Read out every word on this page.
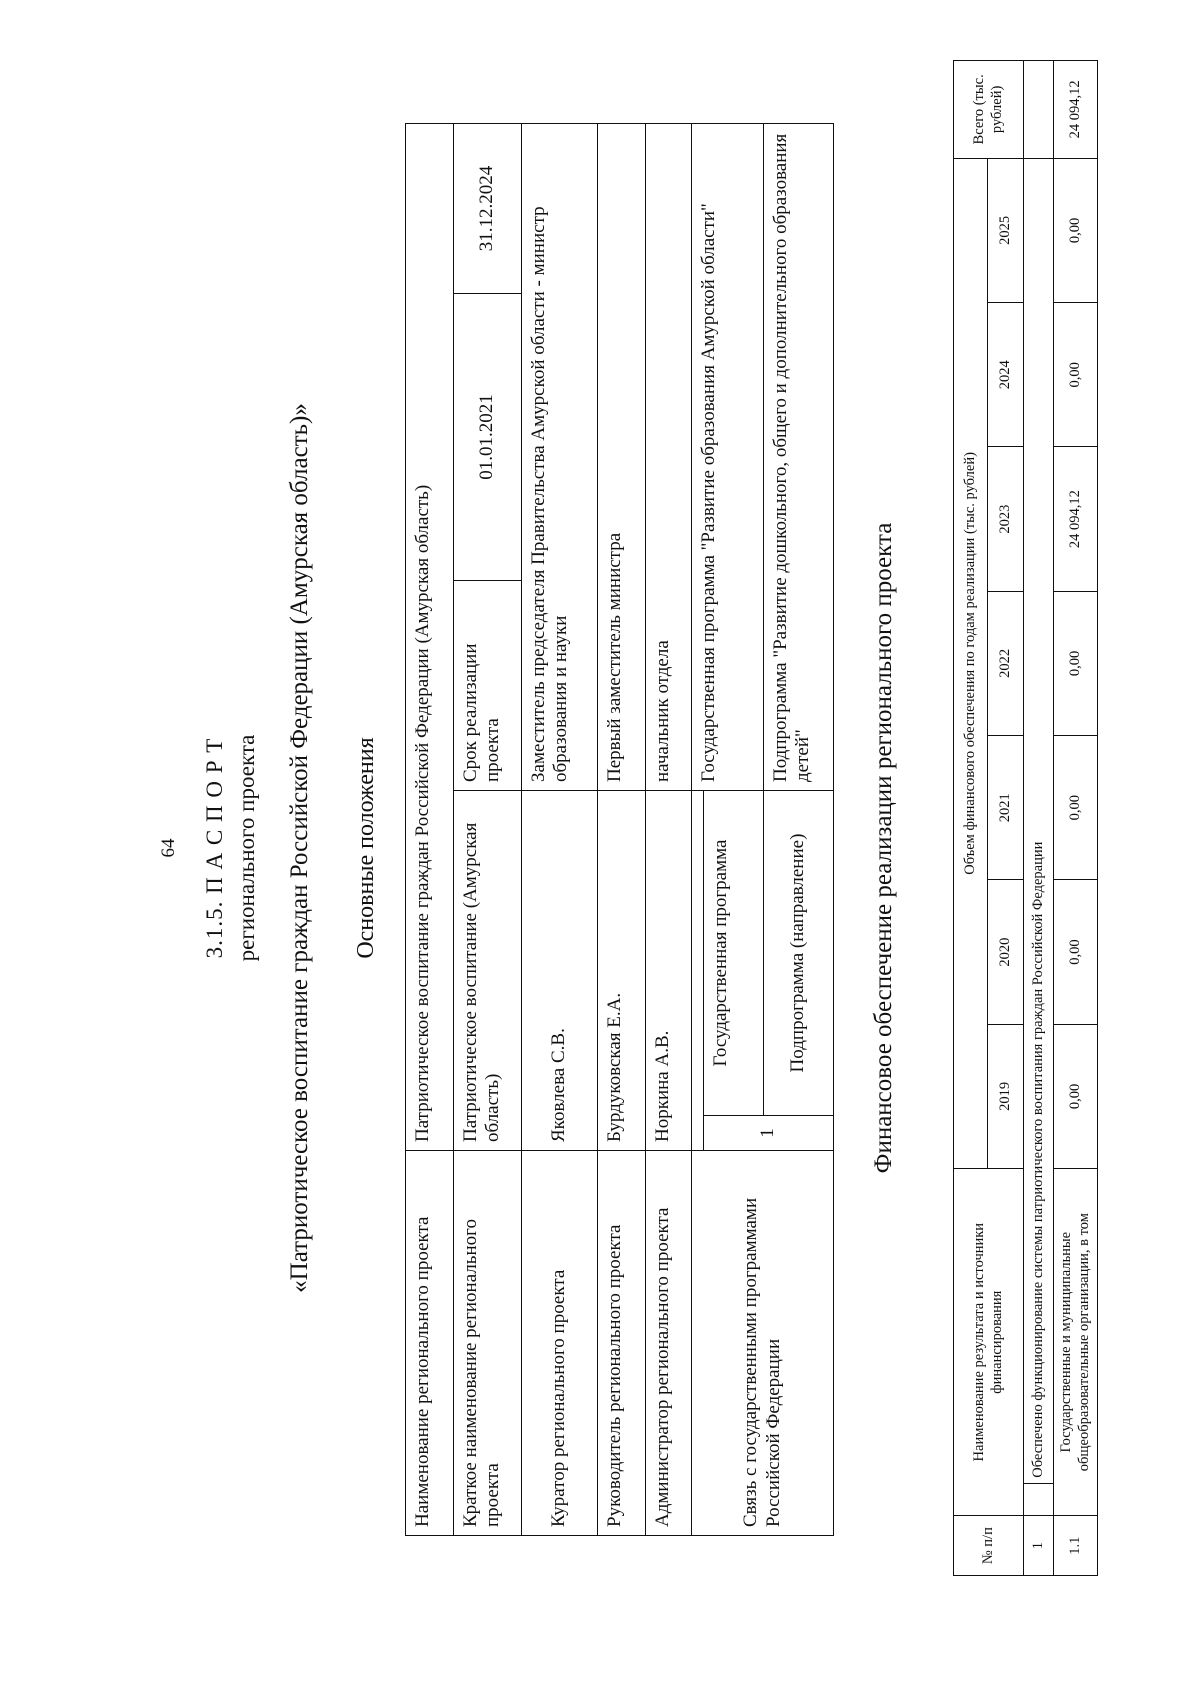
64 3.1.5. П А С П О Р Т регионального проекта «Патриотическое воспитание граждан Российской Федерации (Амурская область)» Основные положения
Наименование регионального проекта	Патриотическое воспитание граждан Российской Федерации (Амурская область)				
Краткое наименование регионального проекта	Патриотическое воспитание (Амурская область)		Срок реализации проекта	01.01.2021	31.12.2024
Куратор регионального проекта	Яковлева С.В.		Заместитель председателя Правительства Амурской области - министр образования и науки		
Руководитель регионального проекта	Бурдуковская Е.А.		Первый заместитель министра		
Администратор регионального проекта	Норкина А.В.		начальник отдела		
Связь с государственными программами Российской Федерации			Государственная программа "Развитие образования Амурской области"		
	1	Государственная программа			
		Подпрограмма (направление)	Подпрограмма "Развитие дошкольного, общего и дополнительного образования детей"		Финансовое обеспечение реализации регионального проекта
№ п/п	Наименование результата и источники финансирования		Объем финансового обеспечения по годам реализации (тыс. рублей)							Всего (тыс. рублей)
			2019	2020	2021	2022	2023	2024	2025	
1		Обеспечено функционирование системы патриотического воспитания граждан Российской Федерации								
1.1	Государственные и муниципальные общеобразовательные организации, в том		0,00	0,00	0,00	0,00	24 094,12	0,00	0,00	24 094,12
